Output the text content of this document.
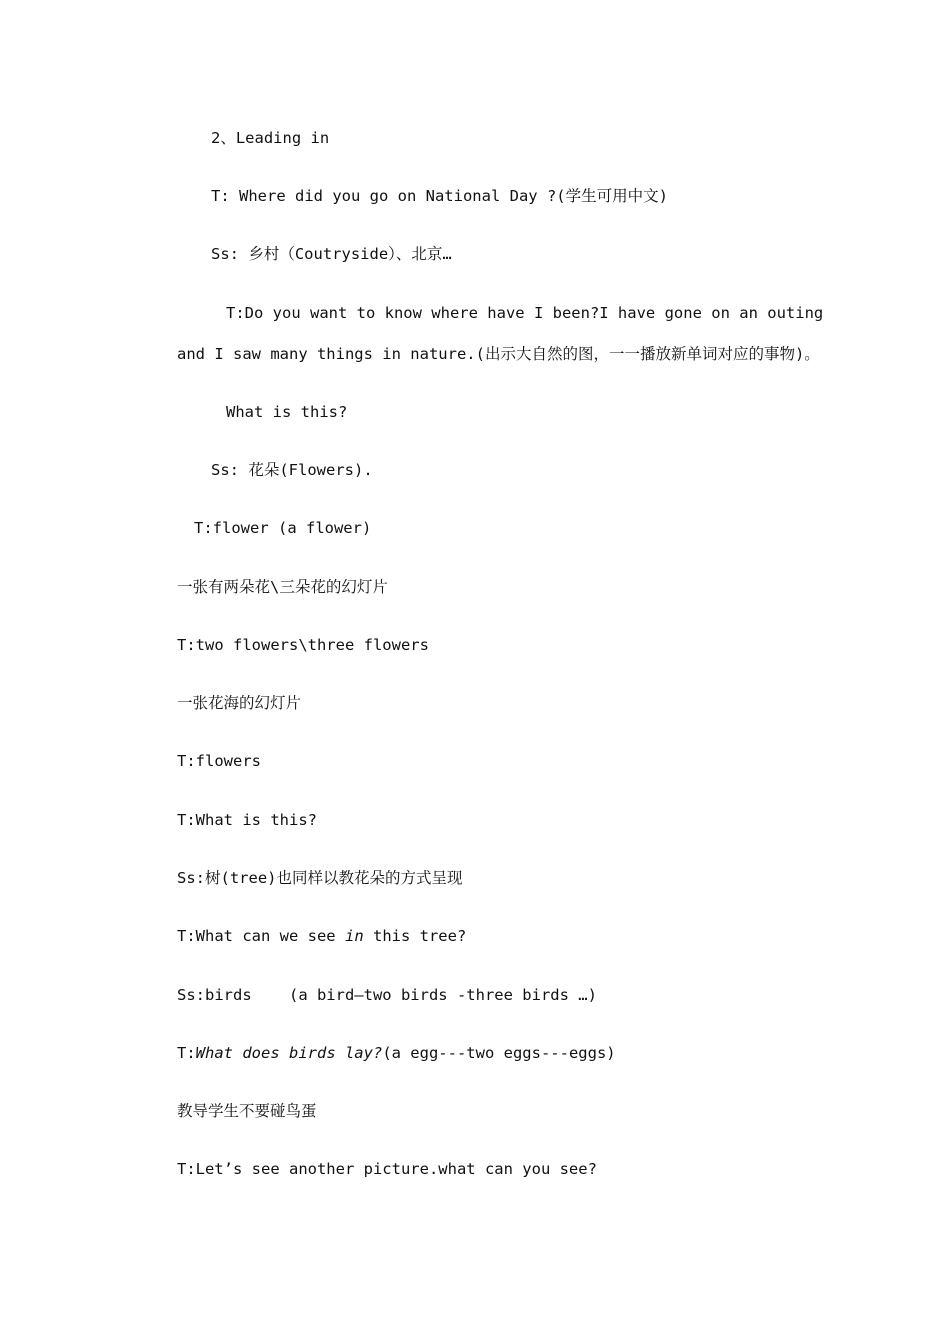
2、Leading in
T: Where did you go on National Day ?(学生可用中文)
Ss: 乡村（Coutryside）、北京…
T:Do you want to know where have I been?I have gone on an outing
and I saw many things in nature.(出示大自然的图，一一播放新单词对应的事物)。
What is this?
Ss: 花朵(Flowers).
T:flower (a flower)
一张有两朵花\三朵花的幻灯片
T:two flowers\three flowers
一张花海的幻灯片
T:flowers
T:What is this?
Ss:树(tree)也同样以教花朵的方式呈现
T:What can we see in this tree?
Ss:birds    (a bird—two birds -three birds …)
T:What does birds lay?(a egg---two eggs---eggs)
教导学生不要碰鸟蛋
T:Let’s see another picture.what can you see?
